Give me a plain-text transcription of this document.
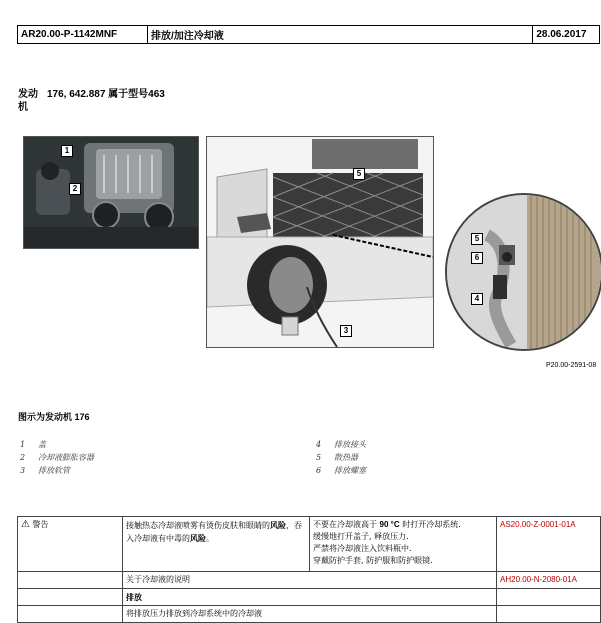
AR20.00-P-1142MNF	排放/加注冷却液	28.06.2017
发动
机
176, 642.887 属于型号463
1
2
5
3
5
6
4
P20.00-2591-08
图示为发动机 176
1 盖
2 冷却液膨胀容器
3 排放软管
4 排放接头
5 散热器
6 排放螺塞
⚠ 警告	接触热态冷却液喷雾有烫伤皮肤和眼睛的风险，吞入冷却液有中毒的风险。	不要在冷却液高于 90 °C 时打开冷却系统.
缓慢地打开盖子, 释放压力.
严禁将冷却液注入饮料瓶中.
穿戴防护手套, 防护服和防护眼镜.	AS20.00-Z-0001-01A
	关于冷却液的说明		AH20.00-N-2080-01A
	排放		
	将排放压力排放到冷却系统中的冷却液		
